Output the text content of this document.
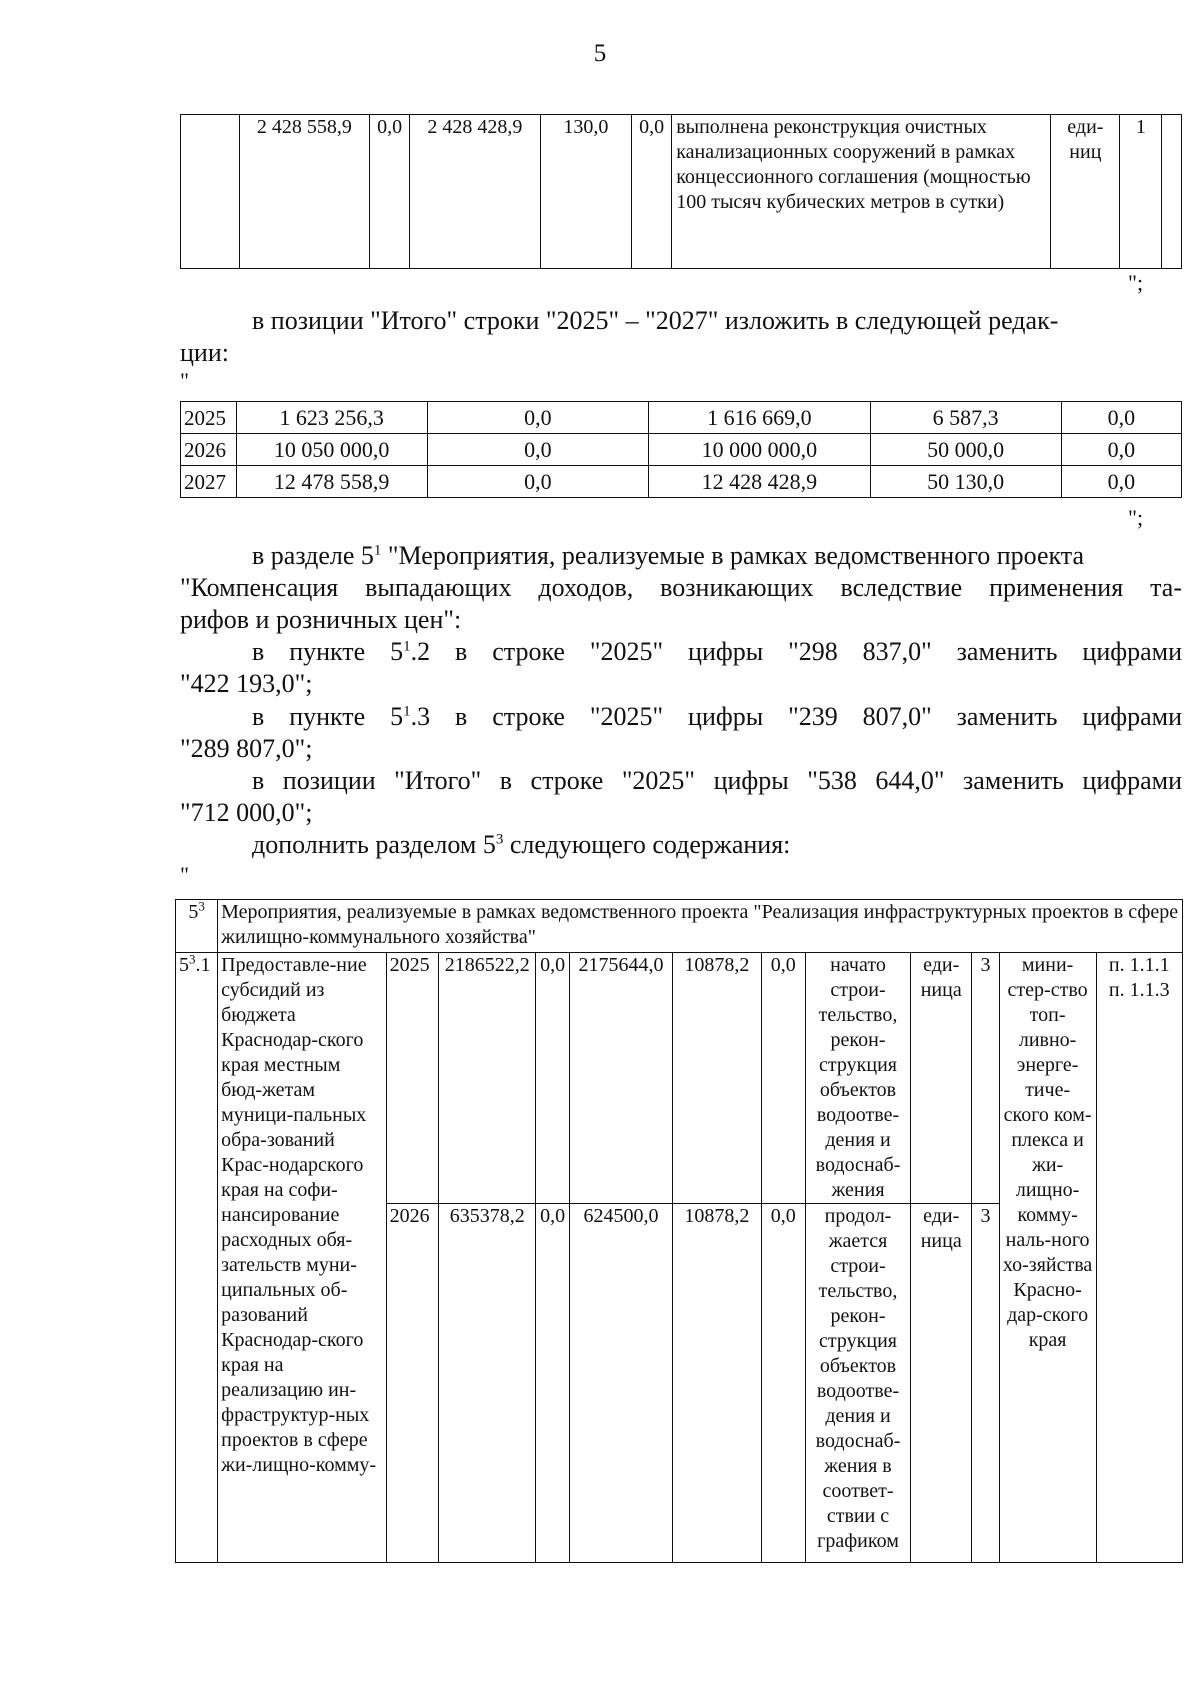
5
	2 428 558,9	0,0	2 428 428,9	130,0	0,0	выполнена реконструкция очистных канализационных сооружений в рамках концессионного соглашения (мощностью 100 тысяч кубических метров в сутки)	еди-ниц	1	
";
в позиции "Итого" строки "2025" – "2027" изложить в следующей редак-
ции:
"
2025	1 623 256,3	0,0	1 616 669,0	6 587,3	0,0
2026	10 050 000,0	0,0	10 000 000,0	50 000,0	0,0
2027	12 478 558,9	0,0	12 428 428,9	50 130,0	0,0
";
в разделе $5^1$ "Мероприятия, реализуемые в рамках ведомственного проекта
"Компенсация выпадающих доходов, возникающих вследствие применения та-
рифов и розничных цен":
в пункте $5^1.2$ в строке "2025" цифры "298 837,0" заменить цифрами
"422 193,0";
в пункте $5^1.3$ в строке "2025" цифры "239 807,0" заменить цифрами
"289 807,0";
в позиции "Итого" в строке "2025" цифры "538 644,0" заменить цифрами
"712 000,0";
дополнить разделом $5^3$ следующего содержания:
"
$5^3$	Мероприятия, реализуемые в рамках ведомственного проекта "Реализация инфраструктурных проектов в сфере жилищно-коммунального хозяйства"											
$5^3.1$	Предоставле-ние субсидий из бюджета Краснодар-ского края местным бюд-жетам муници-пальных обра-зований Крас-нодарского края на софи-нансирование расходных обя-зательств муни-ципальных об-разований Краснодар-ского края на реализацию ин-фраструктур-ных проектов в сфере жи-лищно-комму-	2025	2186522,2	0,0	2175644,0	10878,2	0,0	начато строи-тельство, рекон-струкция объектов водоотве-дения и водоснаб-жения	еди-ница	3	мини-стер-ство топ-ливно-энерге-тиче-ского ком-плекса и жи-лищно-комму-наль-ного хо-зяйства Красно-дар-ского края	п. 1.1.1
п. 1.1.3

		2026	635378,2	0,0	624500,0	10878,2	0,0	продол-жается строи-тельство, рекон-струкция объектов водоотве-дения и водоснаб-жения в соответ-ствии с графиком	еди-ница	3		
